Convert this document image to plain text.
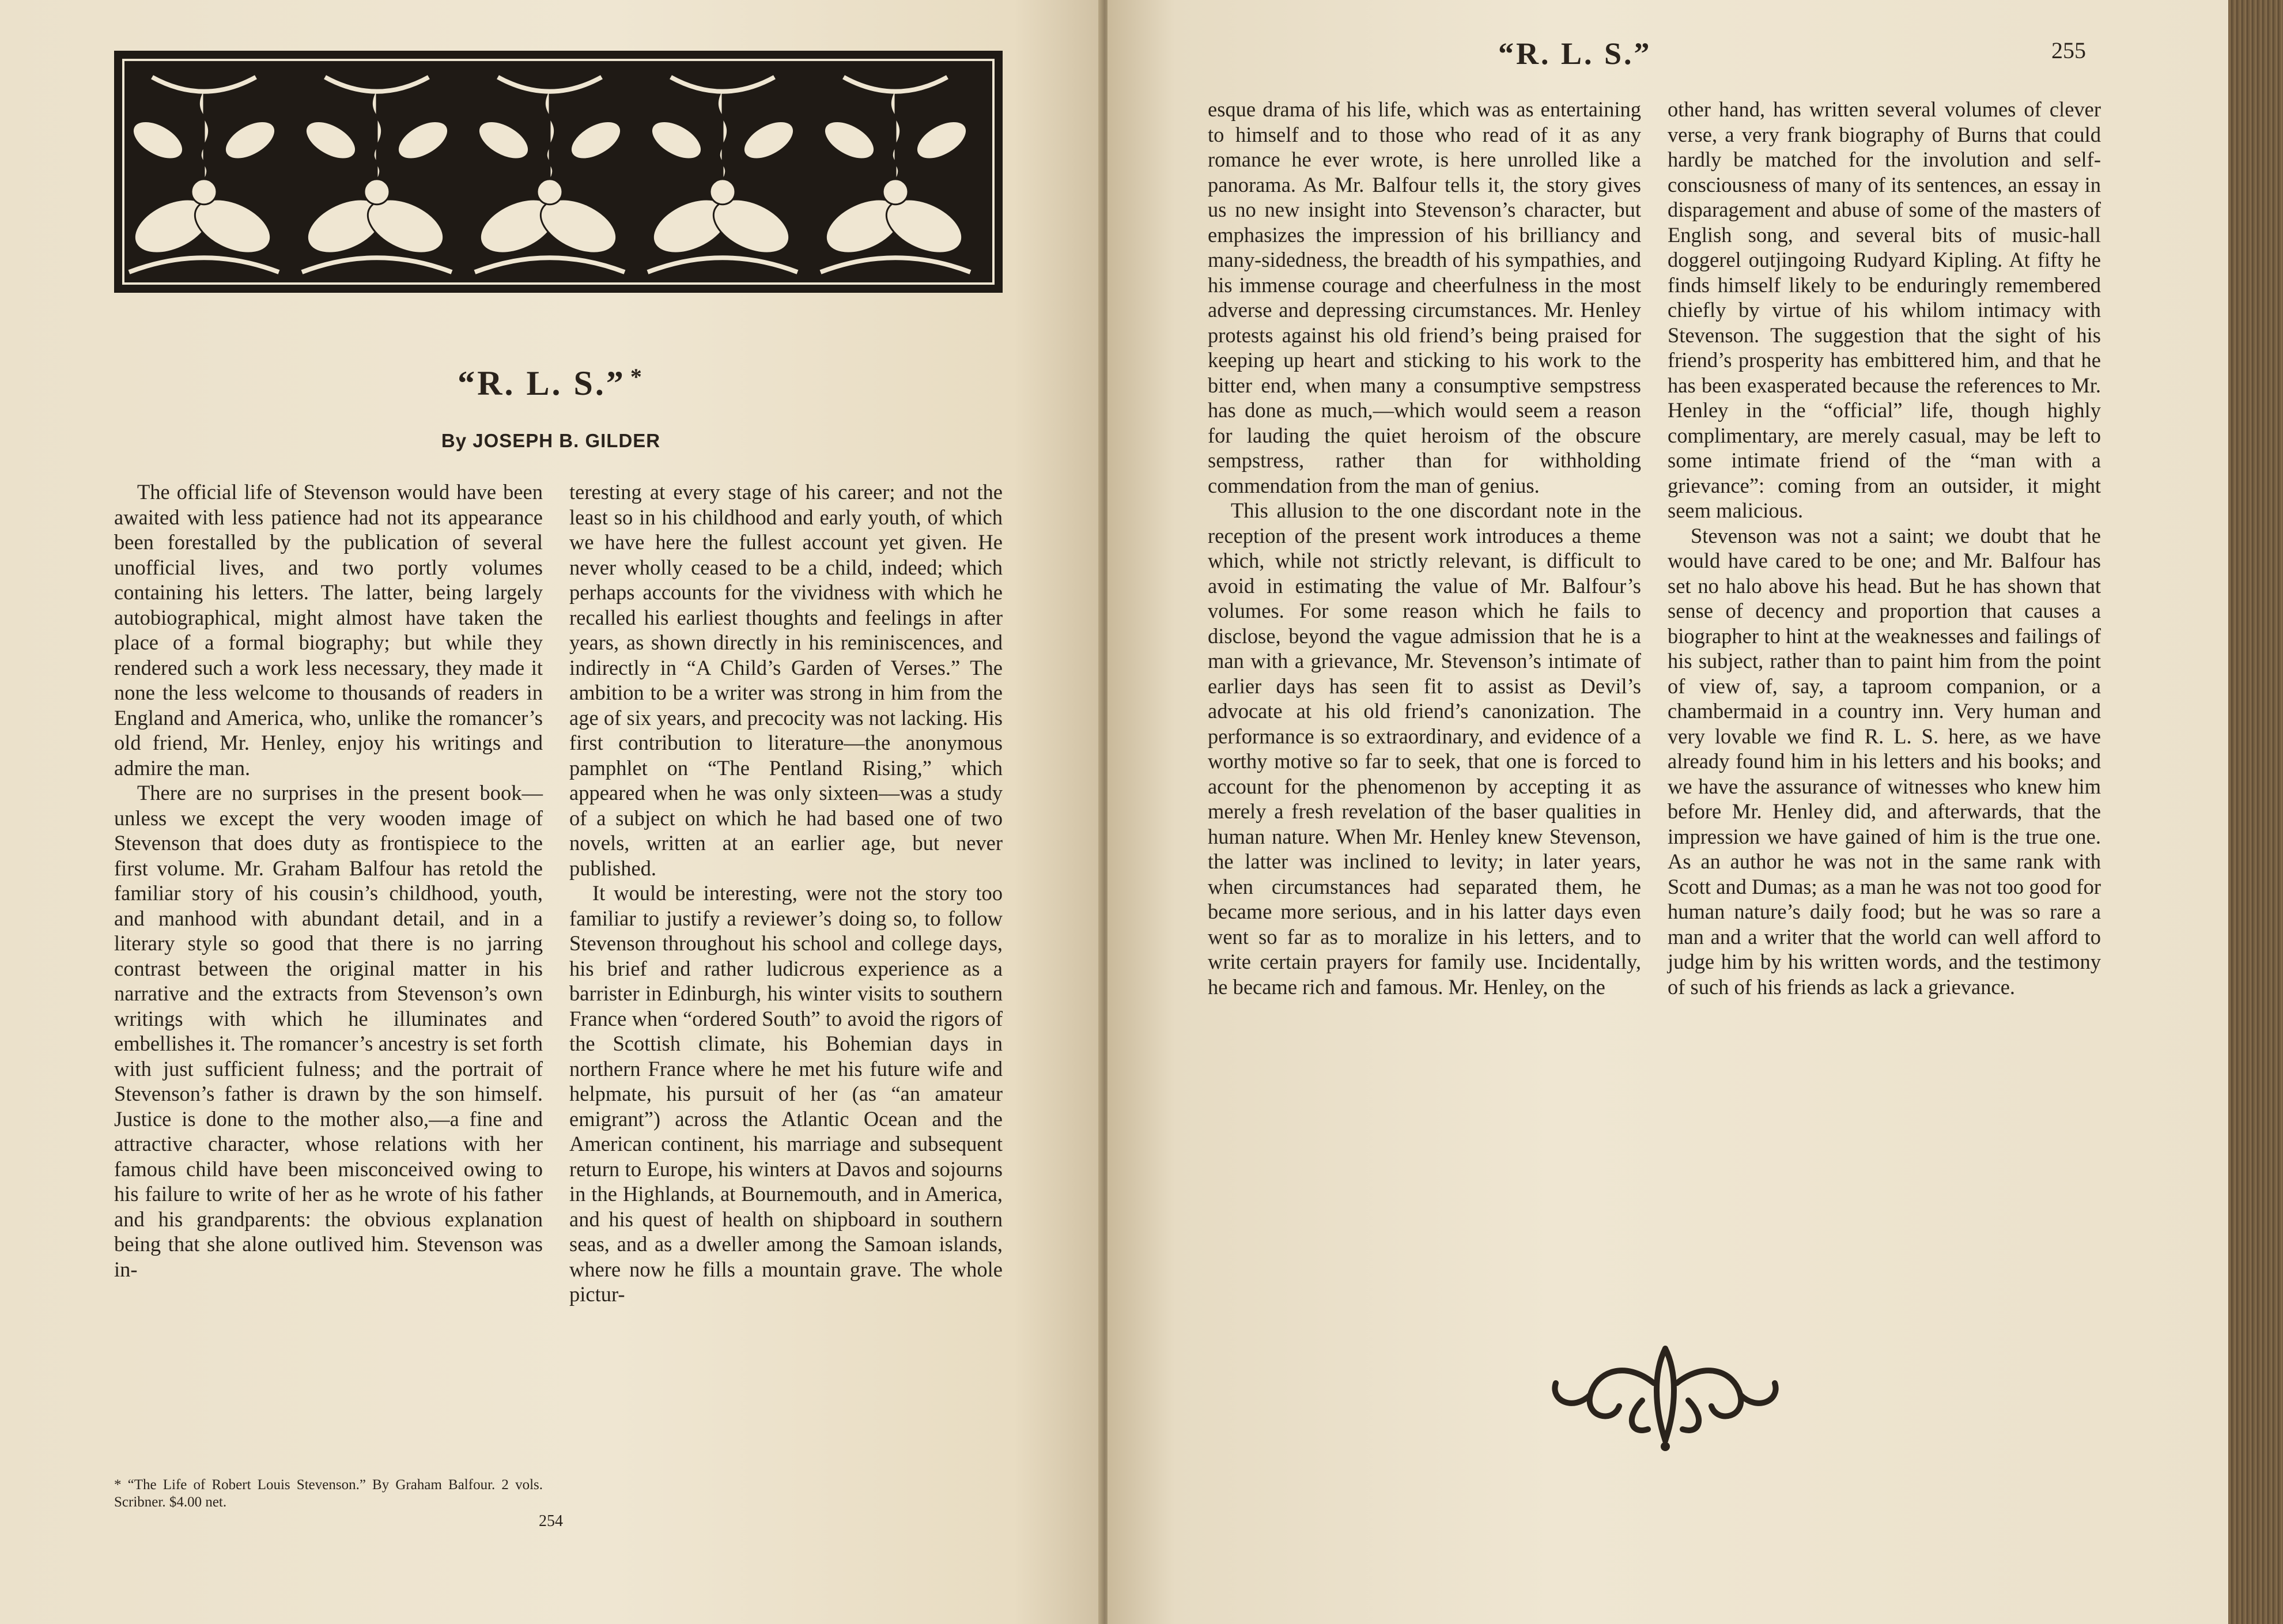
“R. L. S.” *
By JOSEPH B. GILDER

The official life of Stevenson would have been awaited with less patience had not its appearance been forestalled by the publication of several unofficial lives, and two portly volumes containing his letters. The latter, being largely autobiographical, might almost have taken the place of a formal biography; but while they rendered such a work less necessary, they made it none the less welcome to thousands of readers in England and America, who, unlike the romancer’s old friend, Mr. Henley, enjoy his writings and admire the man.

There are no surprises in the present book—unless we except the very wooden image of Stevenson that does duty as frontispiece to the first volume. Mr. Graham Balfour has retold the familiar story of his cousin’s childhood, youth, and manhood with abundant detail, and in a literary style so good that there is no jarring contrast between the original matter in his narrative and the extracts from Stevenson’s own writings with which he illuminates and embellishes it. The romancer’s ancestry is set forth with just sufficient fulness; and the portrait of Stevenson’s father is drawn by the son himself. Justice is done to the mother also,—a fine and attractive character, whose relations with her famous child have been misconceived owing to his failure to write of her as he wrote of his father and his grandparents: the obvious explanation being that she alone outlived him. Stevenson was in-

teresting at every stage of his career; and not the least so in his childhood and early youth, of which we have here the fullest account yet given. He never wholly ceased to be a child, indeed; which perhaps accounts for the vividness with which he recalled his earliest thoughts and feelings in after years, as shown directly in his reminiscences, and indirectly in “A Child’s Garden of Verses.” The ambition to be a writer was strong in him from the age of six years, and precocity was not lacking. His first contribution to literature—the anonymous pamphlet on “The Pentland Rising,” which appeared when he was only sixteen—was a study of a subject on which he had based one of two novels, written at an earlier age, but never published.

It would be interesting, were not the story too familiar to justify a reviewer’s doing so, to follow Stevenson throughout his school and college days, his brief and rather ludicrous experience as a barrister in Edinburgh, his winter visits to southern France when “ordered South” to avoid the rigors of the Scottish climate, his Bohemian days in northern France where he met his future wife and helpmate, his pursuit of her (as “an amateur emigrant”) across the Atlantic Ocean and the American continent, his marriage and subsequent return to Europe, his winters at Davos and sojourns in the Highlands, at Bournemouth, and in America, and his quest of health on shipboard in southern seas, and as a dweller among the Samoan islands, where now he fills a mountain grave. The whole pictur-

* “The Life of Robert Louis Stevenson.” By Graham Balfour. 2 vols. Scribner. $4.00 net.
254
“R. L. S.”	255

esque drama of his life, which was as entertaining to himself and to those who read of it as any romance he ever wrote, is here unrolled like a panorama. As Mr. Balfour tells it, the story gives us no new insight into Stevenson’s character, but emphasizes the impression of his brilliancy and many-sidedness, the breadth of his sympathies, and his immense courage and cheerfulness in the most adverse and depressing circumstances. Mr. Henley protests against his old friend’s being praised for keeping up heart and sticking to his work to the bitter end, when many a consumptive sempstress has done as much,—which would seem a reason for lauding the quiet heroism of the obscure sempstress, rather than for withholding commendation from the man of genius.

This allusion to the one discordant note in the reception of the present work introduces a theme which, while not strictly relevant, is difficult to avoid in estimating the value of Mr. Balfour’s volumes. For some reason which he fails to disclose, beyond the vague admission that he is a man with a grievance, Mr. Stevenson’s intimate of earlier days has seen fit to assist as Devil’s advocate at his old friend’s canonization. The performance is so extraordinary, and evidence of a worthy motive so far to seek, that one is forced to account for the phenomenon by accepting it as merely a fresh revelation of the baser qualities in human nature. When Mr. Henley knew Stevenson, the latter was inclined to levity; in later years, when circumstances had separated them, he became more serious, and in his latter days even went so far as to moralize in his letters, and to write certain prayers for family use. Incidentally, he became rich and famous. Mr. Henley, on the

other hand, has written several volumes of clever verse, a very frank biography of Burns that could hardly be matched for the involution and self-consciousness of many of its sentences, an essay in disparagement and abuse of some of the masters of English song, and several bits of music-hall doggerel outjingoing Rudyard Kipling. At fifty he finds himself likely to be enduringly remembered chiefly by virtue of his whilom intimacy with Stevenson. The suggestion that the sight of his friend’s prosperity has embittered him, and that he has been exasperated because the references to Mr. Henley in the “official” life, though highly complimentary, are merely casual, may be left to some intimate friend of the “man with a grievance”: coming from an outsider, it might seem malicious.

Stevenson was not a saint; we doubt that he would have cared to be one; and Mr. Balfour has set no halo above his head. But he has shown that sense of decency and proportion that causes a biographer to hint at the weaknesses and failings of his subject, rather than to paint him from the point of view of, say, a taproom companion, or a chambermaid in a country inn. Very human and very lovable we find R. L. S. here, as we have already found him in his letters and his books; and we have the assurance of witnesses who knew him before Mr. Henley did, and afterwards, that the impression we have gained of him is the true one. As an author he was not in the same rank with Scott and Dumas; as a man he was not too good for human nature’s daily food; but he was so rare a man and a writer that the world can well afford to judge him by his written words, and the testimony of such of his friends as lack a grievance.
